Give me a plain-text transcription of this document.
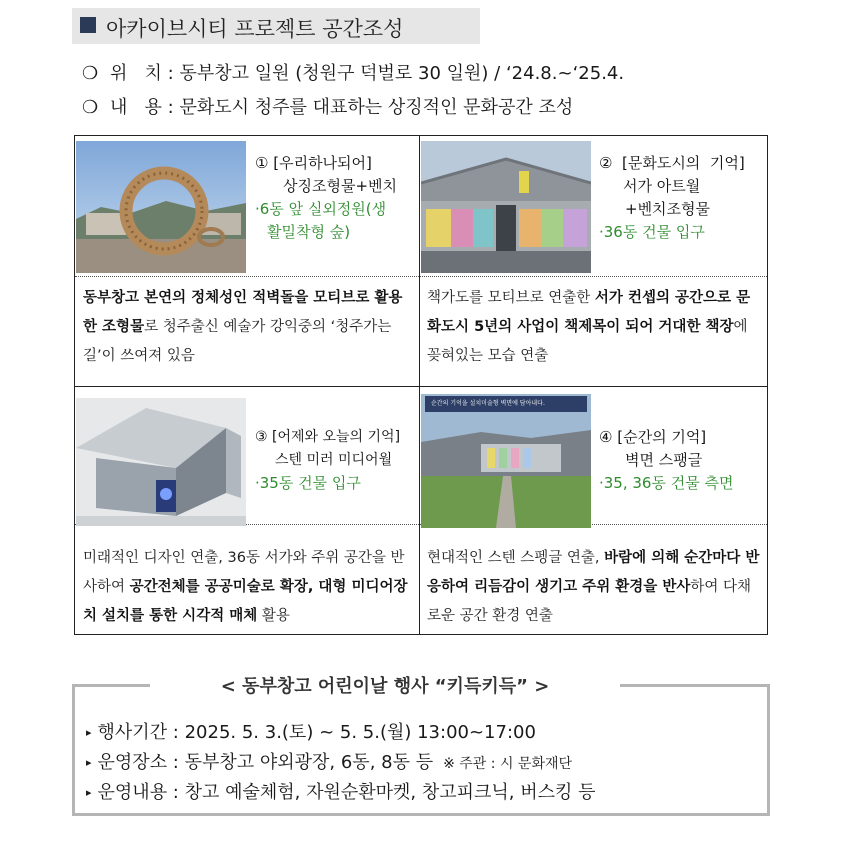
아카이브시티 프로젝트 공간조성
❍ 위   치 : 동부창고 일원 (청원구 덕벌로 30 일원) / ‘24.8.~‘25.4.
❍ 내   용 : 문화도시 청주를 대표하는 상징적인 문화공간 조성
① [우리하나되어]
상징조형물+벤치
·6동 앞 실외정원(생
활밀착형 숲)
동부창고 본연의 정체성인 적벽돌을 모티브로 활용한 조형물로 청주출신 예술가 강익중의 ‘청주가는길’이 쓰여져 있음
② [문화도시의  기억]
서가 아트월
+벤치조형물
·36동 건물 입구
책가도를 모티브로 연출한 서가 컨셉의 공간으로 문화도시 5년의 사업이 책제목이 되어 거대한 책장에 꽂혀있는 모습 연출
③ [어제와 오늘의 기억]
스텐 미러 미디어월
·35동 건물 입구
미래적인 디자인 연출, 36동 서가와 주위 공간을 반사하여 공간전체를 공공미술로 확장, 대형 미디어장치 설치를 통한 시각적 매체 활용
순간의 기억을 설치미술형 벽면에 담아내다.
④ [순간의 기억]
벽면 스팽글
·35, 36동 건물 측면
현대적인 스텐 스펭글 연출, 바람에 의해 순간마다 반응하여 리듬감이 생기고 주위 환경을 반사하여 다채로운 공간 환경 연출
< 동부창고 어린이날 행사 “키득키득” >
▸ 행사기간 : 2025. 5. 3.(토) ~ 5. 5.(월) 13:00~17:00
▸ 운영장소 : 동부창고 야외광장, 6동, 8동 등 ※ 주관 : 시 문화재단
▸ 운영내용 : 창고 예술체험, 자원순환마켓, 창고피크닉, 버스킹 등
